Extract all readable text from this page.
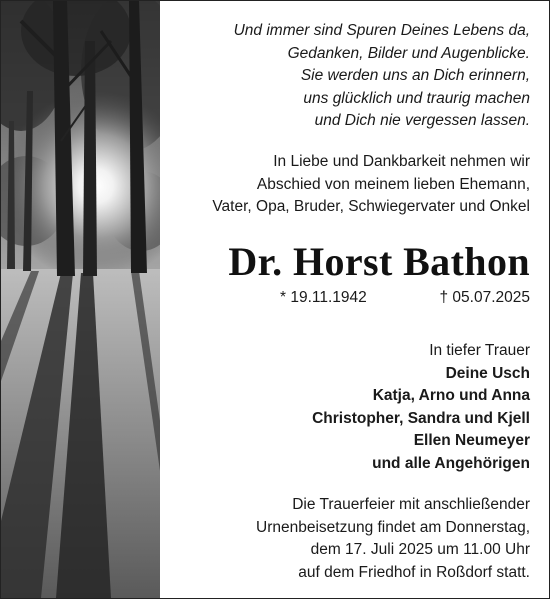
Und immer sind Spuren Deines Lebens da,
Gedanken, Bilder und Augenblicke.
Sie werden uns an Dich erinnern,
uns glücklich und traurig machen
und Dich nie vergessen lassen.
In Liebe und Dankbarkeit nehmen wir
Abschied von meinem lieben Ehemann,
Vater, Opa, Bruder, Schwiegervater und Onkel
Dr. Horst Bathon
* 19.11.1942	† 05.07.2025
In tiefer Trauer
Deine Usch
Katja, Arno und Anna
Christopher, Sandra und Kjell
Ellen Neumeyer
und alle Angehörigen
Die Trauerfeier mit anschließender
Urnenbeisetzung findet am Donnerstag,
dem 17. Juli 2025 um 11.00 Uhr
auf dem Friedhof in Roßdorf statt.
